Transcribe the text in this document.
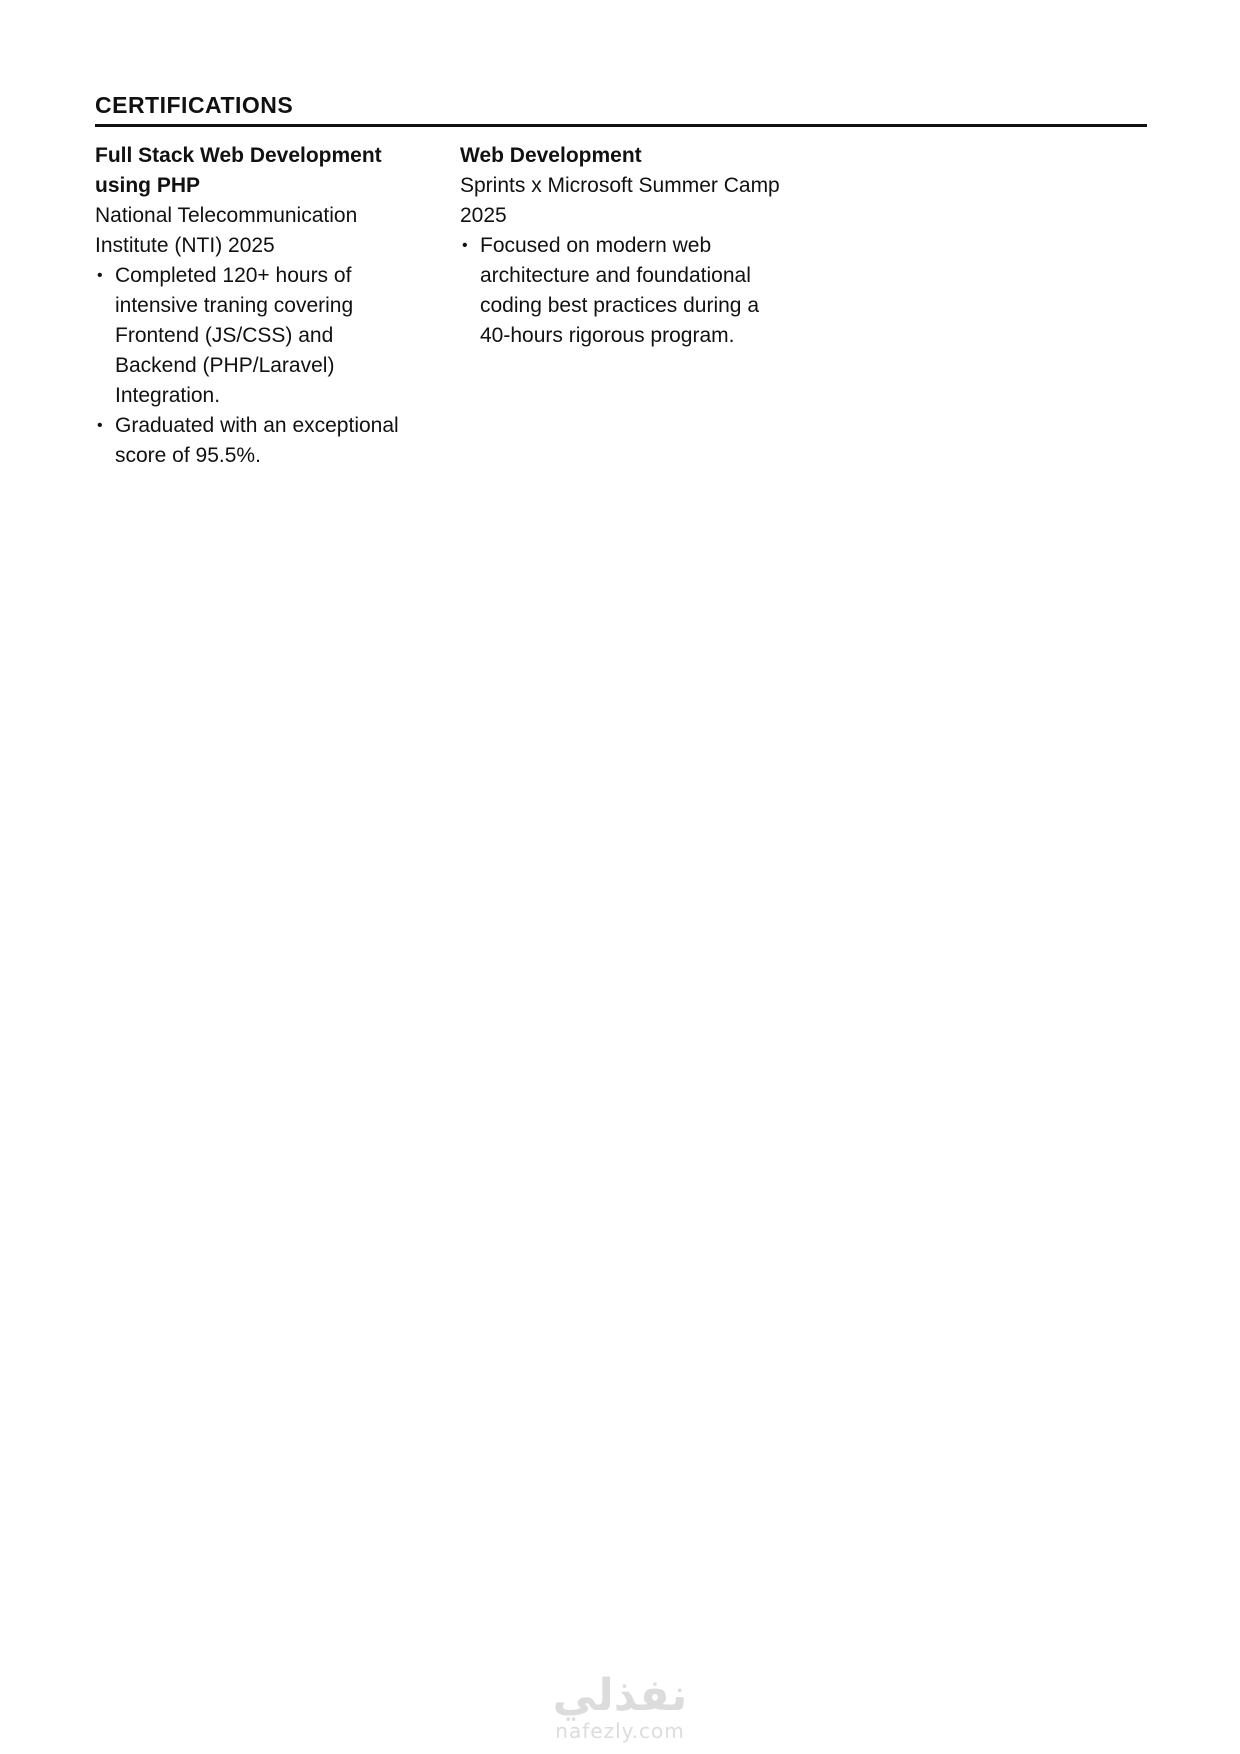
CERTIFICATIONS

Full Stack Web Development using PHP

National Telecommunication Institute (NTI) 2025

• Completed 120+ hours of intensive traning covering Frontend (JS/CSS) and Backend (PHP/Laravel) Integration.
• Graduated with an exceptional score of 95.5%.

Web Development

Sprints x Microsoft Summer Camp 2025

• Focused on modern web architecture and foundational coding best practices during a 40-hours rigorous program.
نفذلي
nafezly.com
